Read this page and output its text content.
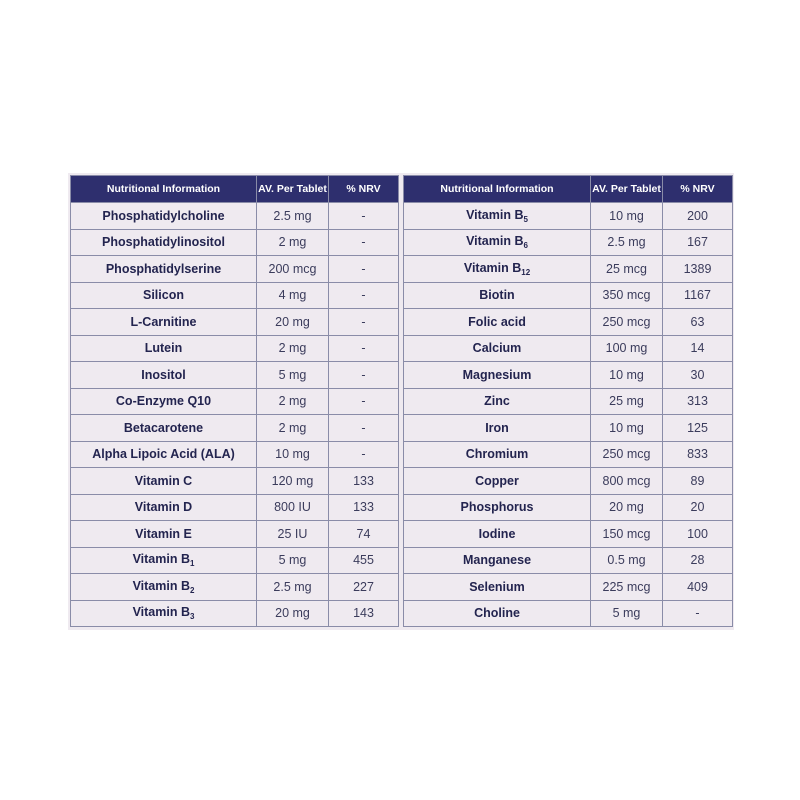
Nutritional Information	AV. Per Tablet	% NRV
Phosphatidylcholine	2.5 mg	-
Phosphatidylinositol	2 mg	-
Phosphatidylserine	200 mcg	-
Silicon	4 mg	-
L-Carnitine	20 mg	-
Lutein	2 mg	-
Inositol	5 mg	-
Co-Enzyme Q10	2 mg	-
Betacarotene	2 mg	-
Alpha Lipoic Acid (ALA)	10 mg	-
Vitamin C	120 mg	133
Vitamin D	800 IU	133
Vitamin E	25 IU	74
Vitamin $B_1$	5 mg	455
Vitamin $B_2$	2.5 mg	227
Vitamin $B_3$	20 mg	143
Nutritional Information	AV. Per Tablet	% NRV
Vitamin $B_5$	10 mg	200
Vitamin $B_6$	2.5 mg	167
Vitamin $B_{12}$	25 mcg	1389
Biotin	350 mcg	1167
Folic acid	250 mcg	63
Calcium	100 mg	14
Magnesium	10 mg	30
Zinc	25 mg	313
Iron	10 mg	125
Chromium	250 mcg	833
Copper	800 mcg	89
Phosphorus	20 mg	20
Iodine	150 mcg	100
Manganese	0.5 mg	28
Selenium	225 mcg	409
Choline	5 mg	-
